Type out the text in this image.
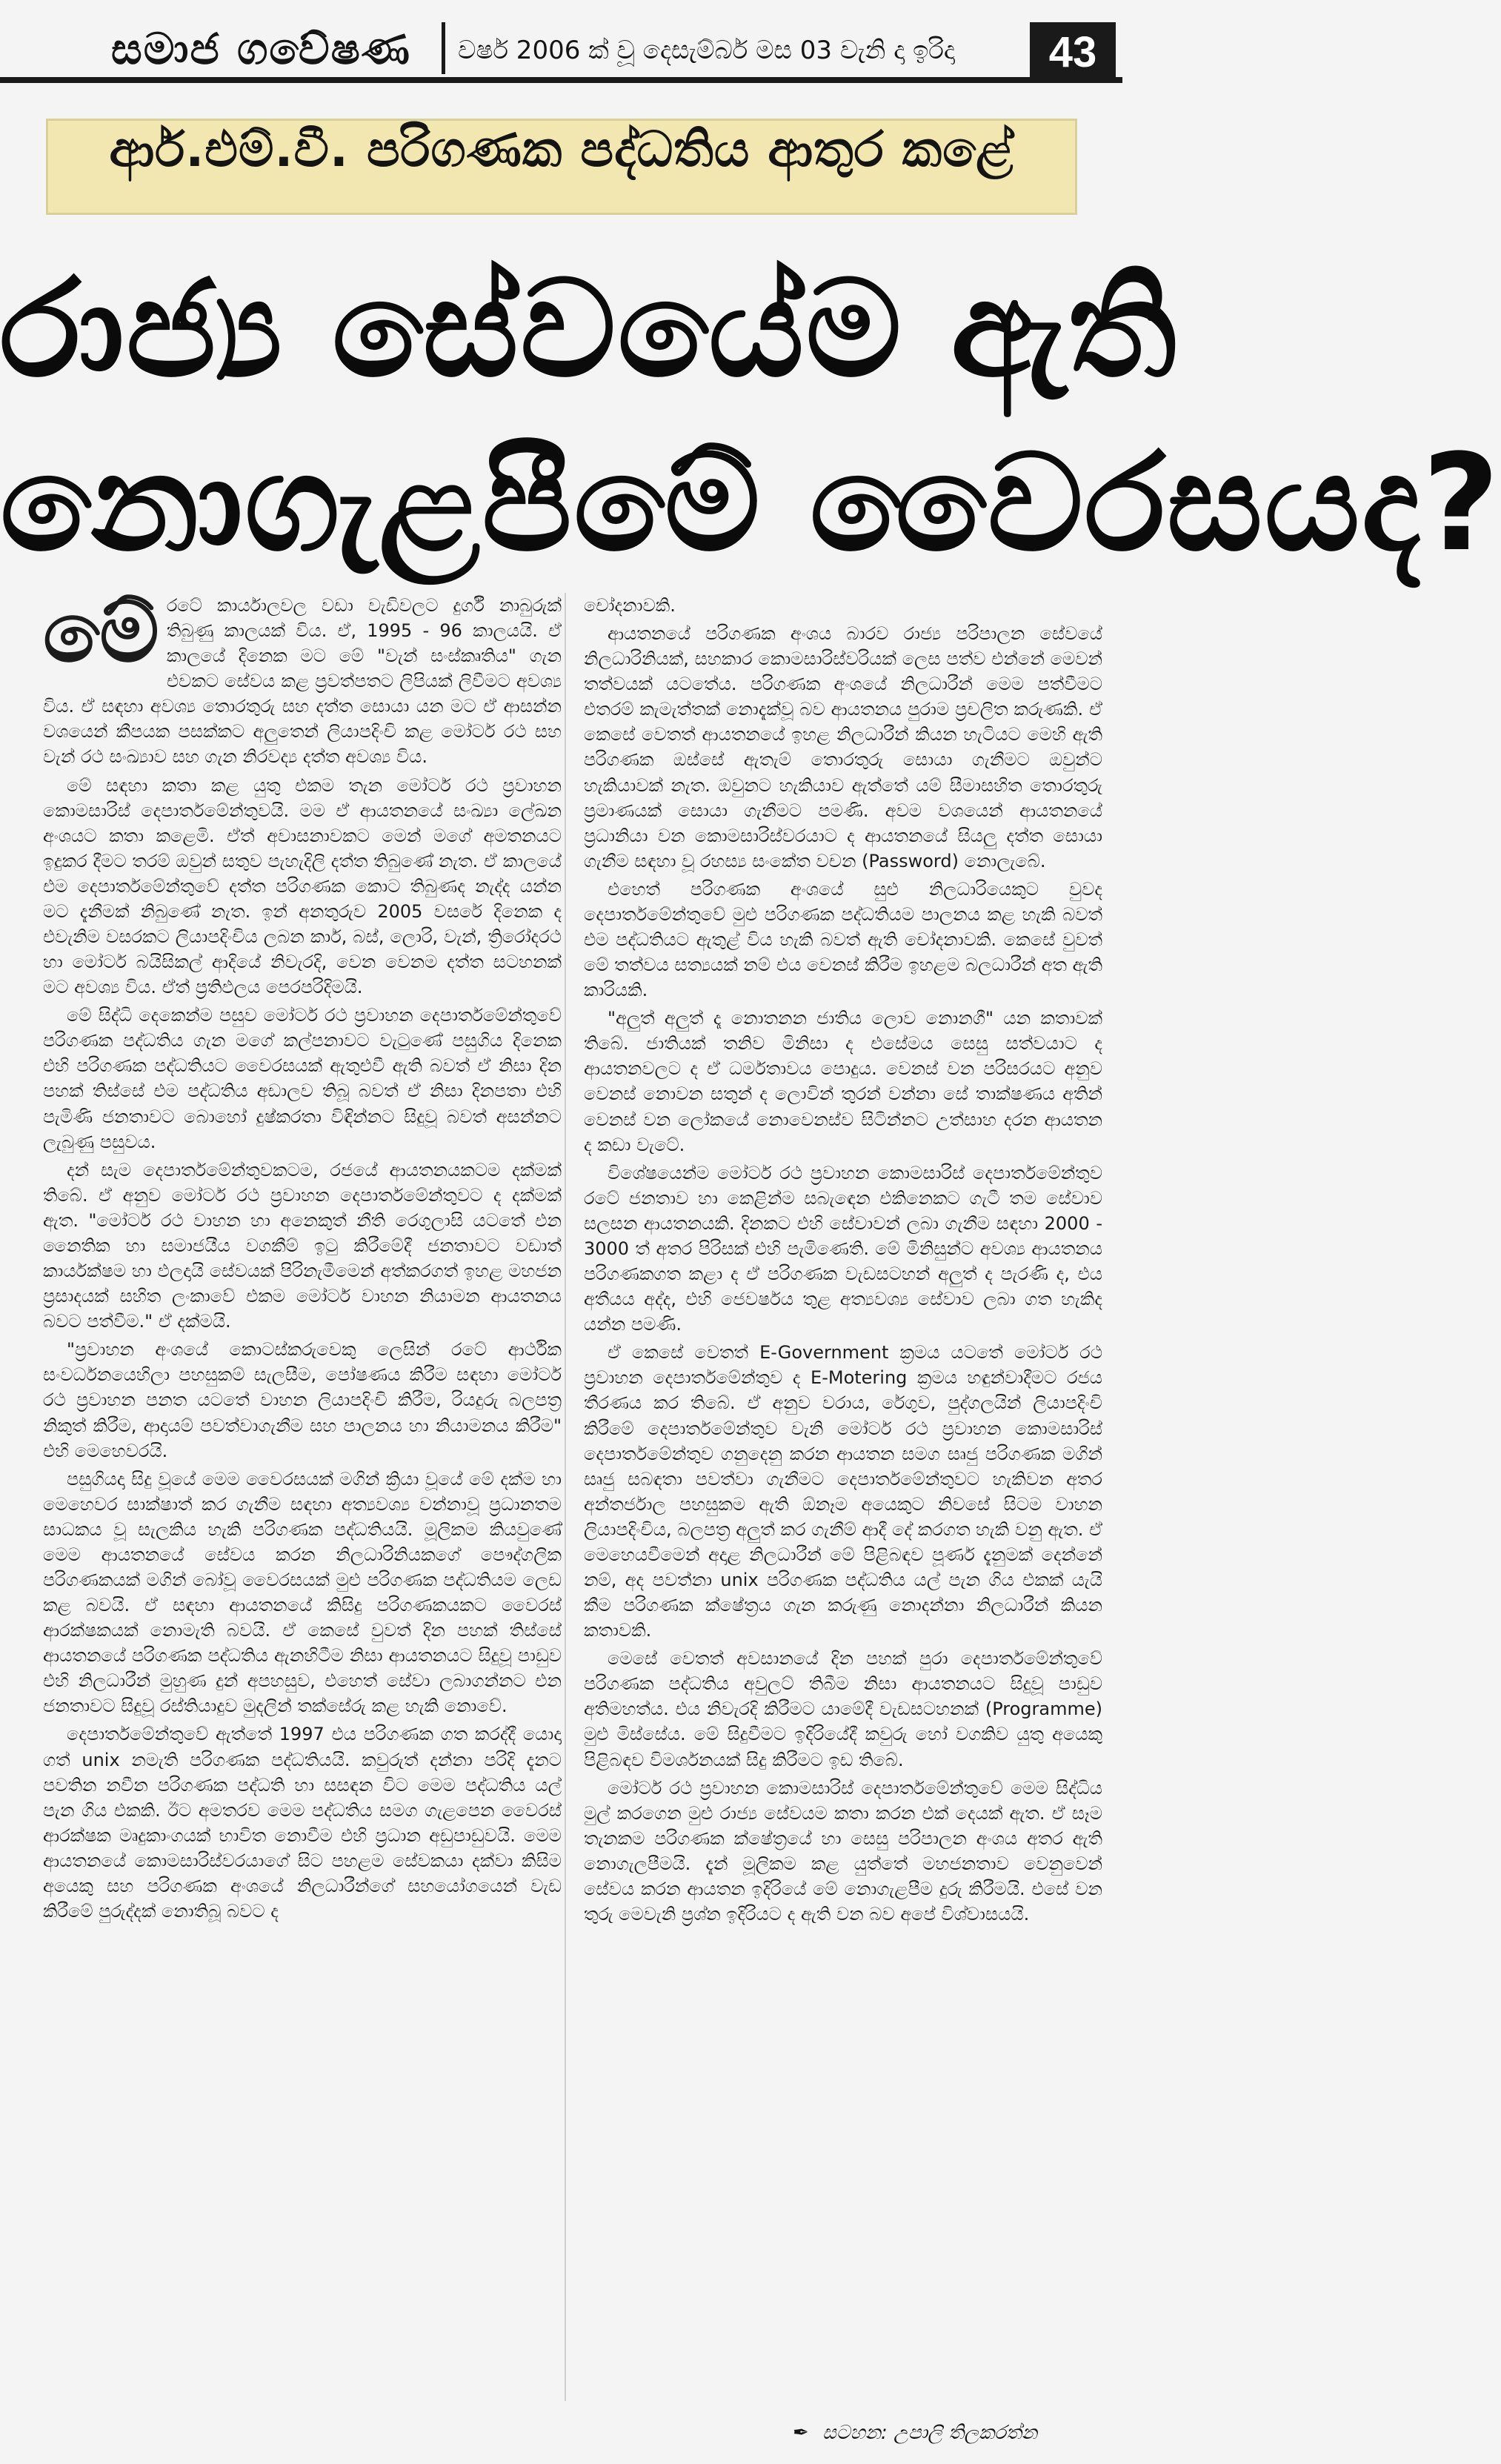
සමාජ ගවේෂණ වර්ෂ 2006 ක් වූ දෙසැම්බර් මස 03 වැනි දා ඉරිදා	43
ආර්.එම්.වී. පරිගණක පද්ධතිය ආතුර කළේ
රාජ්‍ය සේවයේම ඇති
නොගැළපීමේ වෛරසයද?

මේ රටේ කාර්යාලවල වඩා වැඩිවලට දුර්ගී නාබුරුක් තිබුණු කාලයක් විය. ඒ, 1995 - 96 කාලයයි. ඒ කාලයේ දිනෙක මට මේ "වැන් සංස්කෘතිය" ගැන එවකට සේවය කළ ප්‍රවත්පතට ලිපියක් ලිවීමට අවශ්‍ය විය. ඒ සඳහා අවශ්‍ය තොරතුරු සහ දත්ත සොයා යන මට ඒ ආසන්න වශයෙන් කීපයක පසක්කට අලුතෙන් ලියාපදිංචි කළ මෝටර් රථ සහ වැන් රථ සංඛ්‍යාව සහ ගැන නිරවද්‍ය දත්ත අවශ්‍ය විය.

මේ සඳහා කතා කළ යුතු එකම තැන මෝටර් රථ ප්‍රවාහන කොමසාරිස් දෙපාර්තමේන්තුවයි. මම ඒ ආයතනයේ සංඛ්‍යා ලේඛන අංශයට කතා කළෙමි. ඒත් අවාසනාවකට මෙන් මගේ අමතනයට ඉදුකර දීමට තරම් ඔවුන් සතුව පැහැදිලි දත්ත තිබුණේ නැත. ඒ කාලයේ එම දෙපාර්තමේන්තුවේ දත්ත පරිගණක කොට තිබුණද නැද්ද යන්න මට දැනීමක් නිබුණේ නැත. ඉන් අනතුරුව 2005 වසරේ දිනෙක ද එවැනිම වසරකට ලියාපදිංචිය ලබන කාර්, බස්, ලොරි, වැන්, ත්‍රිරෝදරථ හා මෝටර් බයිසිකල් ආදියේ නිවැරදි, වෙන වෙනම දත්ත සටහනක් මට අවශ්‍ය විය. ඒත් ප්‍රතිඵලය පෙරපරිදිමයි.

මේ සිද්ධි දෙකෙන්ම පසුව මෝටර් රථ ප්‍රවාහන දෙපාර්තමේන්තුවේ පරිගණක පද්ධතිය ගැන මගේ කල්පනාවට වැටුණේ පසුගිය දිනෙක එහි පරිගණක පද්ධතියට වෛරසයක් ඇතුළුවී ඇති බවත් ඒ නිසා දින පහක් තිස්සේ එම පද්ධතිය අඩාලව තිබූ බවත් ඒ නිසා දිනපතා එහි පැමිණි ජනතාවට බොහෝ දුෂ්කරතා විඳින්නට සිදුවූ බවත් අසන්නට ලැබුණු පසුවය.

දන් සැම දෙපාර්තමේන්තුවකටම, රජයේ ආයතනයකටම දක්මක් තිබේ. ඒ අනුව මෝටර් රථ ප්‍රවාහන දෙපාර්තමේන්තුවට ද දක්මක් ඇත. "මෝටර් රථ වාහන හා අනෙකුත් නීති රෙගුලාසි යටතේ එන නෛතික හා සමාජයීය වගකීම් ඉටු කිරීමේදී ජනතාවට වඩාත් කාර්යක්ෂම හා ඵලදායි සේවයක් පිරිනැමීමෙන් අත්කරගත් ඉහළ මහජන ප්‍රසාදයක් සහිත ලංකාවේ එකම මෝටර් වාහන නියාමන ආයතනය බවට පත්වීම." ඒ දක්මයි.

"ප්‍රවාහන අංශයේ කොටස්කරුවෙකු ලෙසින් රටේ ආර්ථික සංවර්ධනයෙහිලා පහසුකම් සැලසීම, පෝෂණය කිරීම සඳහා මෝටර් රථ ප්‍රවාහන පනත යටතේ වාහන ලියාපදිංචි කිරීම, රියදුරු බලපත්‍ර නිකුත් කිරීම, ආදායම් පවත්වාගැනීම සහ පාලනය හා නියාමනය කිරීම" එහි මෙහෙවරයි.

පසුගියදා සිදු වූයේ මෙම වෛරසයක් මගින් ක්‍රියා වූයේ මේ දක්ම හා මෙහෙවර සාක්ෂාත් කර ගැනීම සඳහා අත්‍යවශ්‍ය වන්නාවූ ප්‍රධානතම සාධකය වූ සැලකිය හැකි පරිගණක පද්ධතියයි. මූලිකම කියවුණේ මෙම ආයතනයේ සේවය කරන නිලධාරිනියකගේ පෞද්ගලික පරිගණකයක් මගින් බෝවූ වෛරසයක් මුළු පරිගණක පද්ධතියම ලෙඩ කළ බවයි. ඒ සඳහා ආයතනයේ කිසිදු පරිගණකයකට වෛරස් ආරක්ෂකයක් නොමැති බවයි. ඒ කෙසේ වුවත් දින පහක් තිස්සේ ආයතනයේ පරිගණක පද්ධතිය ඇනහිටීම නිසා ආයතනයට සිදුවූ පාඩුව එහි නිලධාරීන් මුහුණ දුන් අපහසුව, එහෙත් සේවා ලබාගන්නට එන ජනතාවට සිදුවූ රස්තියාදුව මුදලින් තක්සේරු කළ හැකි නොවේ.

දෙපාර්තමේන්තුවේ ඇත්තේ 1997 එය පරිගණක ගත කරද්දී යොදා ගත් unix නමැති පරිගණක පද්ධතියයි. කවුරුත් දන්නා පරිදි දැනට පවතින නවීන පරිගණක පද්ධති හා සසඳන විට මෙම පද්ධතිය යල් පැන ගිය එකකි. ඊට අමතරව මෙම පද්ධතිය සමග ගැළපෙන වෛරස් ආරක්ෂක මෘදුකාංගයක් භාවිත නොවීම එහි ප්‍රධාන අඩුපාඩුවයි. මෙම ආයතනයේ කොමසාරිස්වරයාගේ සිට පහළම සේවකයා දක්වා කිසිම අයෙකු සහ පරිගණක අංශයේ නිලධාරීන්ගේ සහයෝගයෙන් වැඩ කිරීමේ පුරුද්දක් නොතිබූ බවට ද

චෝදනාවකි.

ආයතනයේ පරිගණක අංශය බාරව රාජ්‍ය පරිපාලන සේවයේ නිලධාරිනියක්, සහකාර කොමසාරිස්වරියක් ලෙස පත්ව එන්නේ මෙවන් තත්වයක් යටතේය. පරිගණක අංශයේ නිලධාරීන් මෙම පත්වීමට එතරම් කැමැත්තක් නොදැක්වූ බව ආයතනය පුරාම ප්‍රචලිත කරුණකි. ඒ කෙසේ වෙතත් ආයතනයේ ඉහළ නිලධාරීන් කියන හැටියට මෙහි ඇති පරිගණක ඔස්සේ ඇතැම් තොරතුරු සොයා ගැනීමට ඔවුන්ට හැකියාවක් නැත. ඔවුනට හැකියාව ඇත්තේ යම් සීමාසහිත තොරතුරු ප්‍රමාණයක් සොයා ගැනීමට පමණි. අවම වශයෙන් ආයතනයේ ප්‍රධානියා වන කොමසාරිස්වරයාට ද ආයතනයේ සියලු දත්ත සොයා ගැනීම සඳහා වූ රහස්‍ය සංකේත වචන (Password) නොලැබේ.

එහෙත් පරිගණක අංශයේ සුළු නිලධාරියෙකුට වුවද දෙපාර්තමේන්තුවේ මුළු පරිගණක පද්ධතියම පාලනය කළ හැකි බවත් එම පද්ධතියට ඇතුළ් විය හැකි බවත් ඇති චෝදනාවකි. කෙසේ වුවත් මේ තත්වය සත්‍යයක් නම් එය වෙනස් කිරීම ඉහළම බලධාරීන් අත ඇති කාරියකි.

"අලුත් අලුත් දෑ නොතනන ජාතිය ලොව නොනගී" යන කතාවක් තිබේ. ජාතියක් තනිව මිනිසා ද එසේමය සෙසු සත්වයාට ද ආයතනවලට ද ඒ ධර්මතාවය පොදුය. වෙනස් වන පරිසරයට අනුව වෙනස් නොවන සතුන් ද ලොවින් තුරන් වන්නා සේ තාක්ෂණය අතින් වෙනස් වන ලෝකයේ නොවෙනස්ව සිටින්නට උත්සාහ දරන ආයතන ද කඩා වැටේ.

විශේෂයෙන්ම මෝටර් රථ ප්‍රවාහන කොමසාරිස් දෙපාර්තමේන්තුව රටේ ජනතාව හා කෙළින්ම සබැඳෙන එකිනෙකට ගැටී තම සේවාව සලසන ආයතනයකි. දිනකට එහි සේවාවන් ලබා ගැනීම සඳහා 2000 - 3000 ත් අතර පිරිසක් එහි පැමිණෙති. මේ මිනිසුන්ට අවශ්‍ය ආයතනය පරිගණකගත කළා ද ඒ පරිගණක වැඩසටහන් අලුත් ද පැරණි ද, එය අතීයය අද්ද, එහි ජෙවර්ෂය තුළ අත්‍යවශ්‍ය සේවාව ලබා ගත හැකිද යන්න පමණි.

ඒ කෙසේ වෙතත් E-Government ක්‍රමය යටතේ මෝටර් රථ ප්‍රවාහන දෙපාර්තමේන්තුව ද E-Motering ක්‍රමය හඳුන්වාදීමට රජය තීරණය කර තිබේ. ඒ අනුව වරාය, රේගුව, පුද්ගලයින් ලියාපදිංචි කිරීමේ දෙපාර්තමේන්තුව වැනි මෝටර් රථ ප්‍රවාහන කොමසාරිස් දෙපාර්තමේන්තුව ගනුදෙනු කරන ආයතන සමග සෘජු පරිගණක මගින් සෘජු සබඳතා පවත්වා ගැනීමට දෙපාර්තමේන්තුවට හැකිවන අතර අන්තර්ජාල පහසුකම ඇති ඕනෑම අයෙකුට නිවසේ සිටම වාහන ලියාපදිංචිය, බලපත්‍ර අලුත් කර ගැනීම් ආදී දේ කරගත හැකි වනු ඇත. ඒ මෙහෙයවීමෙන් අදාළ නිලධාරීන් මේ පිළිබඳව පූර්ණ දැනුමක් දෙන්නේ නම්, අද පවත්නා unix පරිගණක පද්ධතිය යල් පැන ගිය එකක් යැයි කීම පරිගණක ක්ෂේත්‍රය ගැන කරුණු නොදන්නා නිලධාරීන් කියන කතාවකි.

මෙසේ වෙතත් අවසානයේ දින පහක් පුරා දෙපාර්තමේන්තුවේ පරිගණක පද්ධතිය අවුලට් තිබීම නිසා ආයතනයට සිදුවූ පාඩුව අතිමහත්ය. එය නිවැරදි කිරීමට යාමේදී වැඩසටහනක් (Programme) මුළු මිස්සේය. මේ සිදුවීමට ඉදිරියේදී කවුරු හෝ වගකිව යුතු අයෙකු පිළිබඳව විමර්ශනයක් සිදු කිරීමට ඉඩ තිබේ.

මෝටර් රථ ප්‍රවාහන කොමසාරිස් දෙපාර්තමේන්තුවේ මෙම සිද්ධිය මුල් කරගෙන මුළු රාජ්‍ය සේවයම කතා කරන එක් දෙයක් ඇත. ඒ සෑම තැනකම පරිගණක ක්ෂේත්‍රයේ හා සෙසු පරිපාලන අංශය අතර ඇති නොගැලපීමයි. දැන් මූලිකම කළ යුත්තේ මහජනතාව වෙනුවෙන් සේවය කරන ආයතන ඉදිරියේ මේ නොගැළපීම දුරු කිරීමයි. එසේ වන තුරු මෙවැනි ප්‍රශ්න ඉදිරියට ද ඇති වන බව අපේ විශ්වාසයයි.

✒ සටහන: උපාලි තිලකරත්න
